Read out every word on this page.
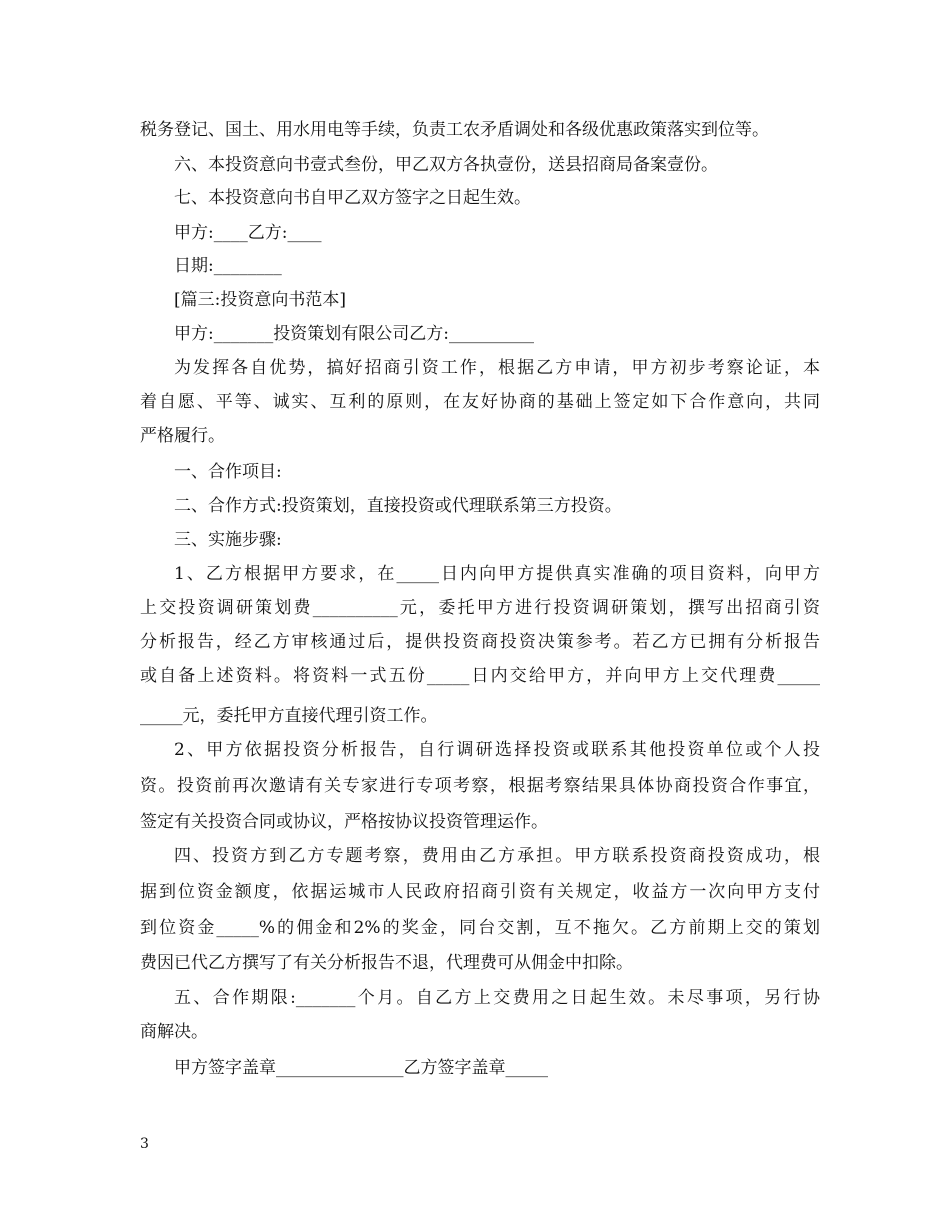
税务登记、国土、用水用电等手续，负责工农矛盾调处和各级优惠政策落实到位等。
六、本投资意向书壹式叁份，甲乙双方各执壹份，送县招商局备案壹份。
七、本投资意向书自甲乙双方签字之日起生效。
甲方:____乙方:____
日期:________
[篇三:投资意向书范本]
甲方:_______投资策划有限公司乙方:__________
为发挥各自优势，搞好招商引资工作，根据乙方申请，甲方初步考察论证，本
着自愿、平等、诚实、互利的原则，在友好协商的基础上签定如下合作意向，共同
严格履行。
一、合作项目:
二、合作方式:投资策划，直接投资或代理联系第三方投资。
三、实施步骤:
1、乙方根据甲方要求，在_____日内向甲方提供真实准确的项目资料，向甲方
上交投资调研策划费__________元，委托甲方进行投资调研策划，撰写出招商引资
分析报告，经乙方审核通过后，提供投资商投资决策参考。若乙方已拥有分析报告
或自备上述资料。将资料一式五份_____日内交给甲方，并向甲方上交代理费_____
_____元，委托甲方直接代理引资工作。
2、甲方依据投资分析报告，自行调研选择投资或联系其他投资单位或个人投
资。投资前再次邀请有关专家进行专项考察，根据考察结果具体协商投资合作事宜，
签定有关投资合同或协议，严格按协议投资管理运作。
四、投资方到乙方专题考察，费用由乙方承担。甲方联系投资商投资成功，根
据到位资金额度，依据运城市人民政府招商引资有关规定，收益方一次向甲方支付
到位资金_____%的佣金和2%的奖金，同台交割，互不拖欠。乙方前期上交的策划
费因已代乙方撰写了有关分析报告不退，代理费可从佣金中扣除。
五、合作期限:_______个月。自乙方上交费用之日起生效。未尽事项，另行协
商解决。
甲方签字盖章_______________乙方签字盖章_____
3
